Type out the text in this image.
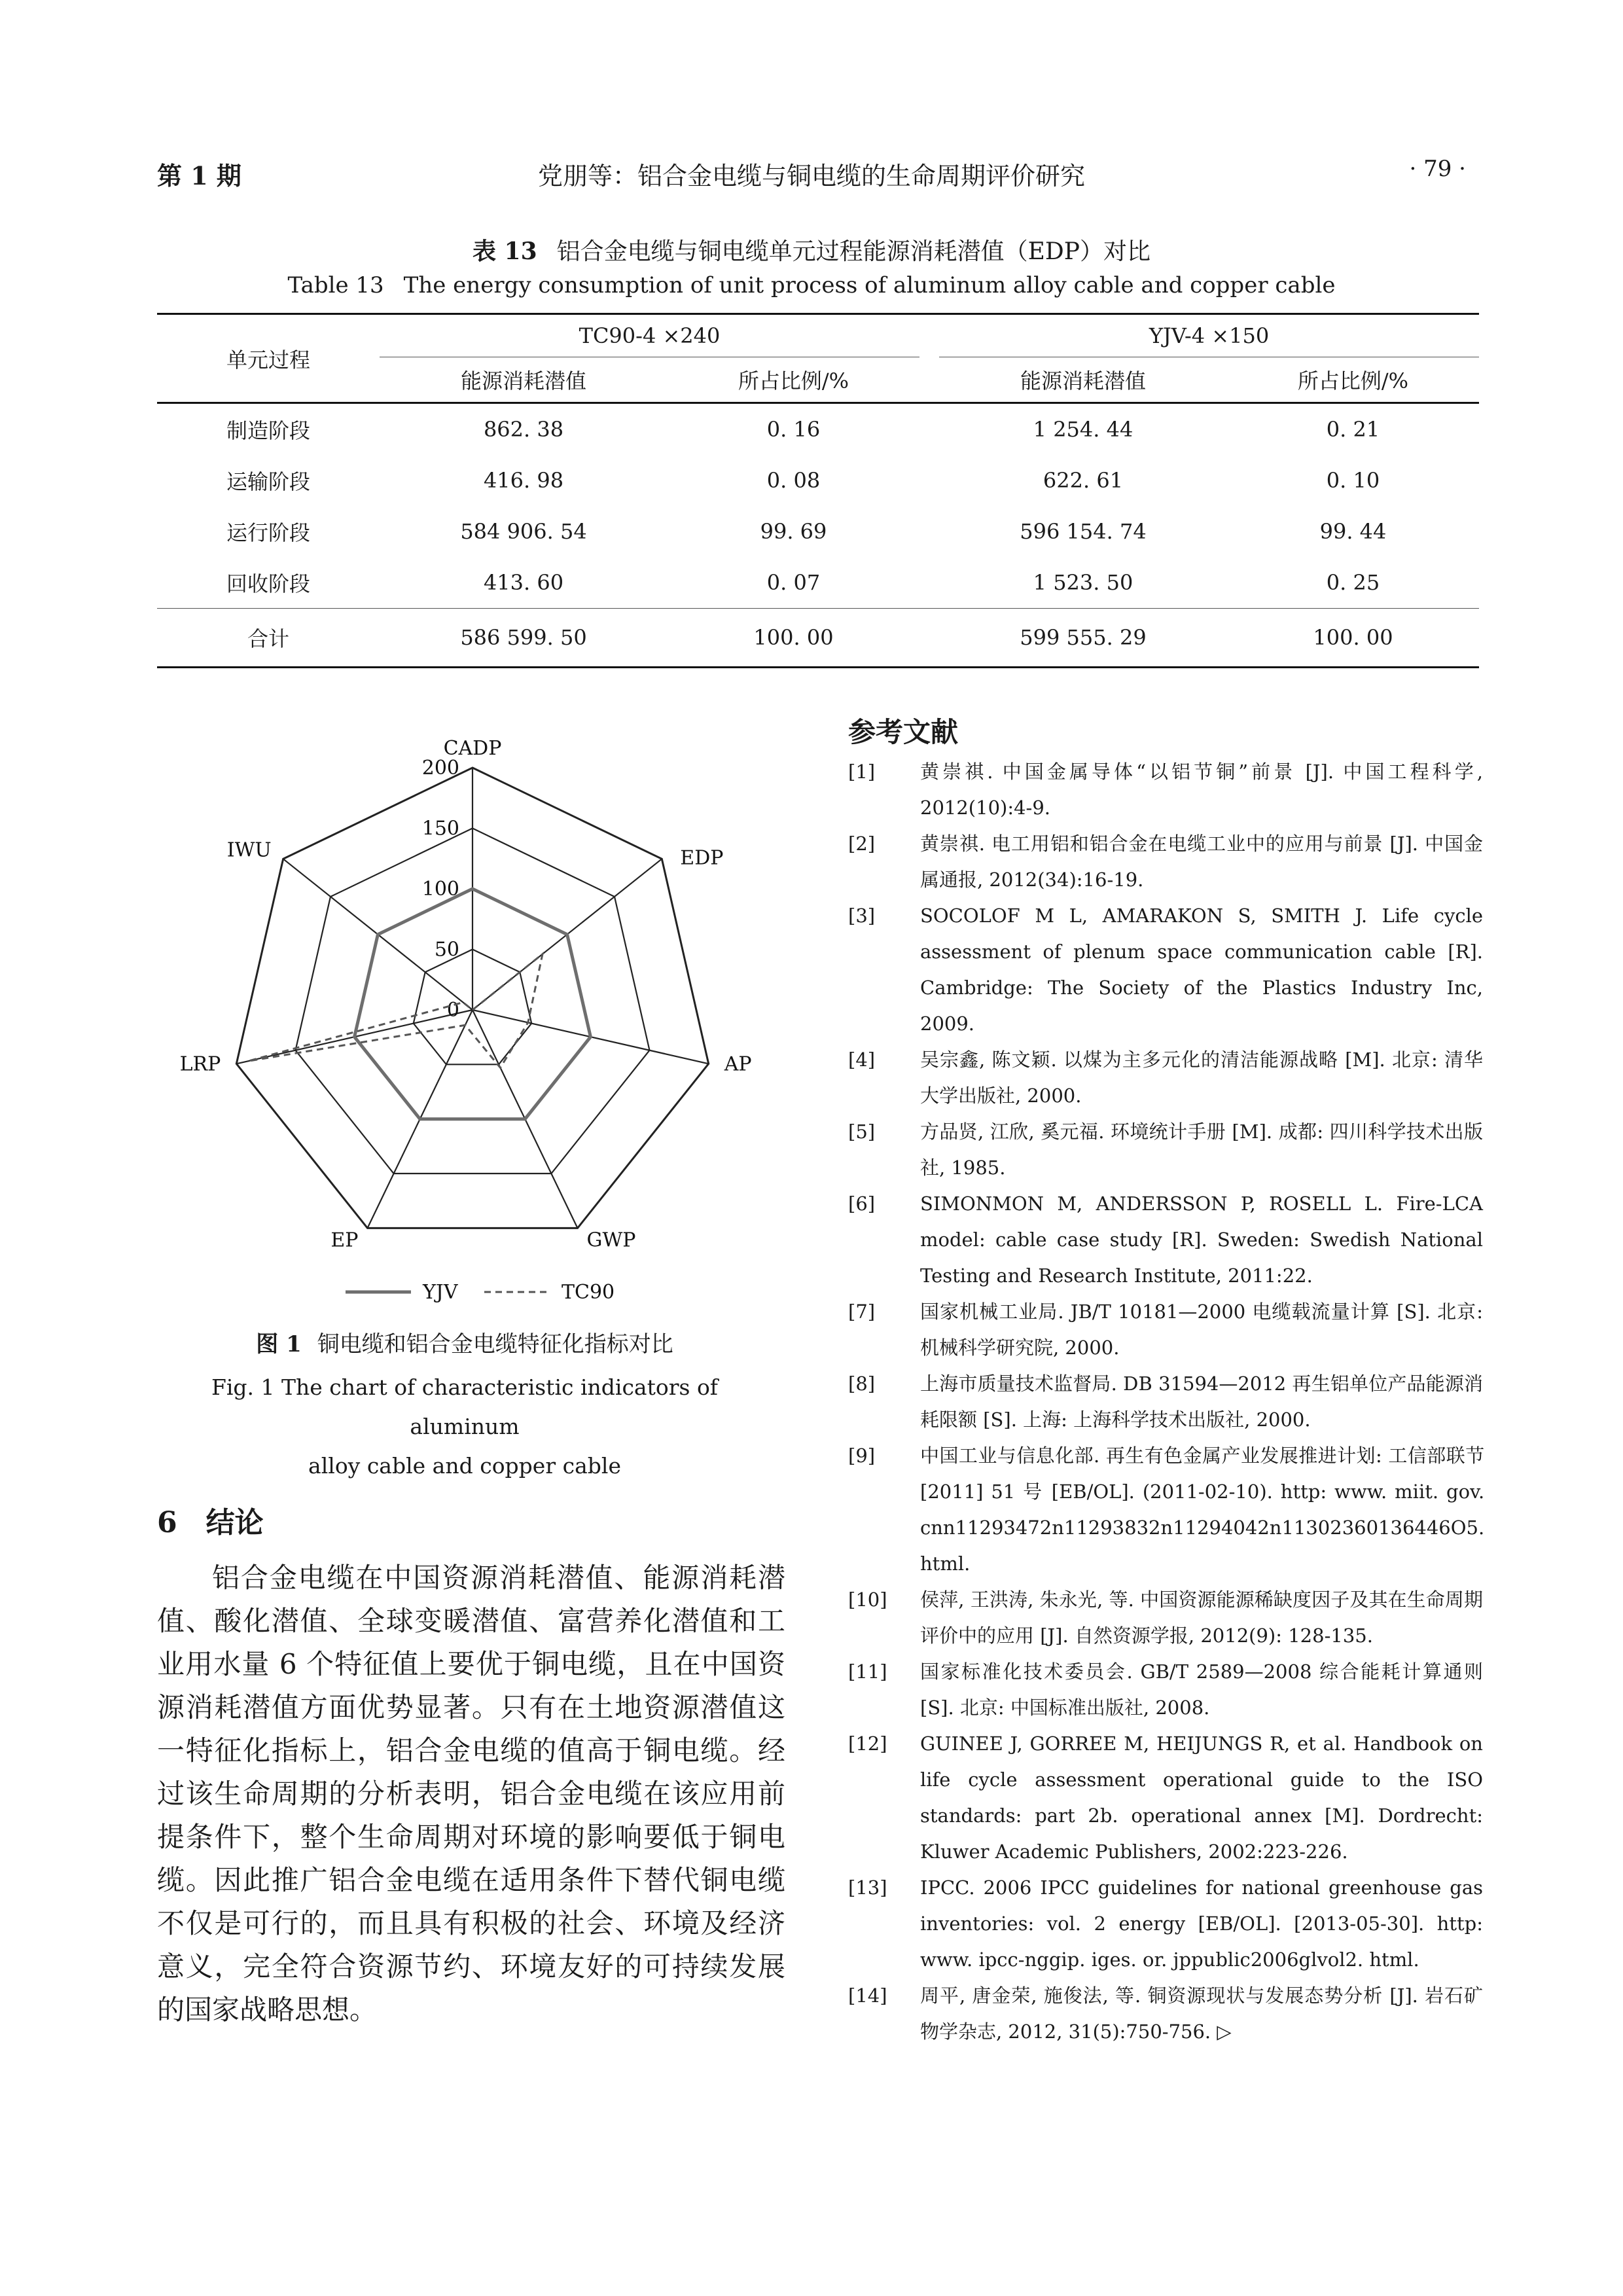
党朋等：铝合金电缆与铜电缆的生命周期评价研究
第 1 期	· 79 ·
表 13 铝合金电缆与铜电缆单元过程能源消耗潜值（EDP）对比
Table 13 The energy consumption of unit process of aluminum alloy cable and copper cable
单元过程	TC90-4 ×240			YJV-4 ×150	
	能源消耗潜值	所占比例/%		能源消耗潜值	所占比例/%
制造阶段	862. 38	0. 16		1 254. 44	0. 21
运输阶段	416. 98	0. 08		622. 61	0. 10
运行阶段	584 906. 54	99. 69		596 154. 74	99. 44
回收阶段	413. 60	0. 07		1 523. 50	0. 25
合计	586 599. 50	100. 00		599 555. 29	100. 00
200
150
100
50
0
CADP
EDP
AP
GWP
EP
LRP
IWU
YJV	TC90
图 1 铜电缆和铝合金电缆特征化指标对比
Fig. 1 The chart of characteristic indicators of aluminum
alloy cable and copper cable
6 结论
铝合金电缆在中国资源消耗潜值、能源消耗潜值、酸化潜值、全球变暖潜值、富营养化潜值和工业用水量 6 个特征值上要优于铜电缆，且在中国资源消耗潜值方面优势显著。只有在土地资源潜值这一特征化指标上，铝合金电缆的值高于铜电缆。经过该生命周期的分析表明，铝合金电缆在该应用前提条件下，整个生命周期对环境的影响要低于铜电缆。因此推广铝合金电缆在适用条件下替代铜电缆不仅是可行的，而且具有积极的社会、环境及经济意义，完全符合资源节约、环境友好的可持续发展的国家战略思想。
参考文献
[1]	黄崇祺. 中国金属导体“以铝节铜”前景 [J]. 中国工程科学, 2012(10):4-9.
[2]	黄崇祺. 电工用铝和铝合金在电缆工业中的应用与前景 [J]. 中国金属通报, 2012(34):16-19.
[3]	SOCOLOF M L, AMARAKON S, SMITH J. Life cycle assessment of plenum space communication cable [R]. Cambridge: The Society of the Plastics Industry Inc, 2009.
[4]	吴宗鑫, 陈文颖. 以煤为主多元化的清洁能源战略 [M]. 北京: 清华大学出版社, 2000.
[5]	方品贤, 江欣, 奚元福. 环境统计手册 [M]. 成都: 四川科学技术出版社, 1985.
[6]	SIMONMON M, ANDERSSON P, ROSELL L. Fire-LCA model: cable case study [R]. Sweden: Swedish National Testing and Research Institute, 2011:22.
[7]	国家机械工业局. JB/T 10181—2000 电缆载流量计算 [S]. 北京: 机械科学研究院, 2000.
[8]	上海市质量技术监督局. DB 31594—2012 再生铝单位产品能源消耗限额 [S]. 上海: 上海科学技术出版社, 2000.
[9]	中国工业与信息化部. 再生有色金属产业发展推进计划: 工信部联节 [2011] 51 号 [EB/OL]. (2011-02-10). http: www. miit. gov. cnn11293472n11293832n11294042n11302360136446O5. html.
[10]	侯萍, 王洪涛, 朱永光, 等. 中国资源能源稀缺度因子及其在生命周期评价中的应用 [J]. 自然资源学报, 2012(9): 128-135.
[11]	国家标准化技术委员会. GB/T 2589—2008 综合能耗计算通则 [S]. 北京: 中国标准出版社, 2008.
[12]	GUINEE J, GORREE M, HEIJUNGS R, et al. Handbook on life cycle assessment operational guide to the ISO standards: part 2b. operational annex [M]. Dordrecht: Kluwer Academic Publishers, 2002:223-226.
[13]	IPCC. 2006 IPCC guidelines for national greenhouse gas inventories: vol. 2 energy [EB/OL]. [2013-05-30]. http: www. ipcc-nggip. iges. or. jppublic2006glvol2. html.
[14]	周平, 唐金荣, 施俊法, 等. 铜资源现状与发展态势分析 [J]. 岩石矿物学杂志, 2012, 31(5):750-756. ▷
